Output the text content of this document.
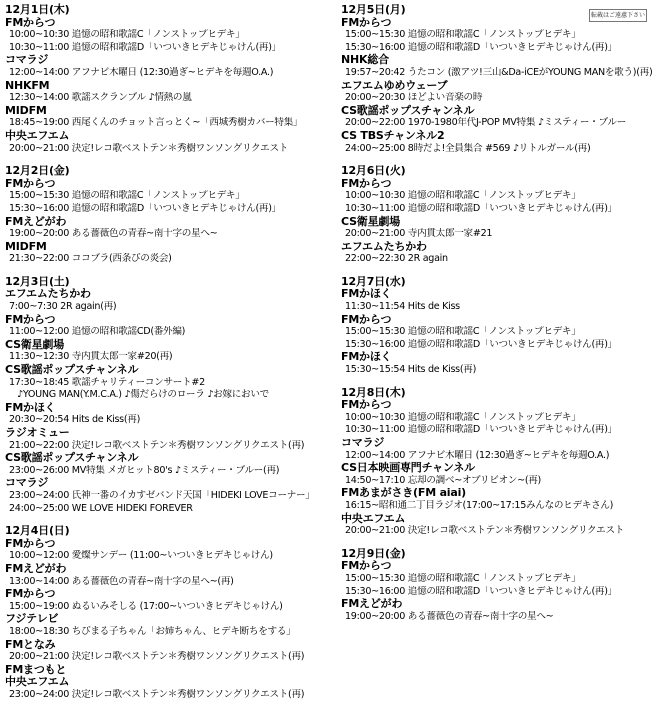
12月1日(木)
FMからつ
10:00~10:30 追憶の昭和歌謡C「ノンストップヒデキ」
10:30~11:00 追憶の昭和歌謡D「いついきヒデキじゃけん(再)」
コマラジ
12:00~14:00 アフナビ木曜日 (12:30過ぎ~ヒデキを毎週O.A.)
NHKFM
12:30~14:00 歌謡スクランブル ♪情熱の嵐
MIDFM
18:45~19:00 西尾くんのチョット言っとく~「西城秀樹カバー特集」
中央エフエム
20:00~21:00 決定!レコ歌ベストテン＊秀樹ワンソングリクエスト
12月2日(金)
FMからつ
15:00~15:30 追憶の昭和歌謡C「ノンストップヒデキ」
15:30~16:00 追憶の昭和歌謡D「いついきヒデキじゃけん(再)」
FMえどがわ
19:00~20:00 ある薔薇色の青春~南十字の星へ~
MIDFM
21:30~22:00 ココブラ(西条びの炎会)
12月3日(土)
エフエムたちかわ
7:00~7:30 2R again(再)
FMからつ
11:00~12:00 追憶の昭和歌謡CD(番外編)
CS衛星劇場
11:30~12:30 寺内貫太郎一家#20(再)
CS歌謡ポップスチャンネル
17:30~18:45 歌謡チャリティーコンサート#2
♪YOUNG MAN(Y.M.C.A.) ♪傷だらけのローラ ♪お嫁においで
FMかほく
20:30~20:54 Hits de Kiss(再)
ラジオミュー
21:00~22:00 決定!レコ歌ベストテン＊秀樹ワンソングリクエスト(再)
CS歌謡ポップスチャンネル
23:00~26:00 MV特集 メガヒット80's ♪ミスティー・ブルー(再)
コマラジ
23:00~24:00 氏神一番のイカすゼバンド天国「HIDEKI LOVEコーナー」
24:00~25:00 WE LOVE HIDEKI FOREVER
12月4日(日)
FMからつ
10:00~12:00 愛燦サンデー (11:00~いついきヒデキじゃけん)
FMえどがわ
13:00~14:00 ある薔薇色の青春~南十字の星へ~(再)
FMからつ
15:00~19:00 ぬるいみそしる (17:00~いついきヒデキじゃけん)
フジテレビ
18:00~18:30 ちびまる子ちゃん「お姉ちゃん、ヒデキ断ちをする」
FMとなみ
20:00~21:00 決定!レコ歌ベストテン＊秀樹ワンソングリクエスト(再)
FMまつもと
中央エフエム
23:00~24:00 決定!レコ歌ベストテン＊秀樹ワンソングリクエスト(再)
12月5日(月)
FMからつ
15:00~15:30 追憶の昭和歌謡C「ノンストップヒデキ」
15:30~16:00 追憶の昭和歌謡D「いついきヒデキじゃけん(再)」
NHK総合
19:57~20:42 うたコン (激アツ!三山&Da-iCEがYOUNG MANを歌う)(再)
エフエムゆめウェーブ
20:00~20:30 ほどよい音楽の時
CS歌謡ポップスチャンネル
20:00~22:00 1970-1980年代J-POP MV特集 ♪ミスティー・ブルー
CS TBSチャンネル2
24:00~25:00 8時だよ!全員集合 #569 ♪リトルガール(再)
12月6日(火)
FMからつ
10:00~10:30 追憶の昭和歌謡C「ノンストップヒデキ」
10:30~11:00 追憶の昭和歌謡D「いついきヒデキじゃけん(再)」
CS衛星劇場
20:00~21:00 寺内貫太郎一家#21
エフエムたちかわ
22:00~22:30 2R again
12月7日(水)
FMかほく
11:30~11:54 Hits de Kiss
FMからつ
15:00~15:30 追憶の昭和歌謡C「ノンストップヒデキ」
15:30~16:00 追憶の昭和歌謡D「いついきヒデキじゃけん(再)」
FMかほく
15:30~15:54 Hits de Kiss(再)
12月8日(木)
FMからつ
10:00~10:30 追憶の昭和歌謡C「ノンストップヒデキ」
10:30~11:00 追憶の昭和歌謡D「いついきヒデキじゃけん(再)」
コマラジ
12:00~14:00 アフナビ木曜日 (12:30過ぎ~ヒデキを毎週O.A.)
CS日本映画専門チャンネル
14:50~17:10 忘却の調べ~オブリビオン~(再)
FMあまがさき(FM aiai)
16:15~昭和通二丁目ラジオ(17:00~17:15みんなのヒデキさん)
中央エフエム
20:00~21:00 決定!レコ歌ベストテン＊秀樹ワンソングリクエスト
12月9日(金)
FMからつ
15:00~15:30 追憶の昭和歌謡C「ノンストップヒデキ」
15:30~16:00 追憶の昭和歌謡D「いついきヒデキじゃけん(再)」
FMえどがわ
19:00~20:00 ある薔薇色の青春~南十字の星へ~
転載はご遠慮下さい
